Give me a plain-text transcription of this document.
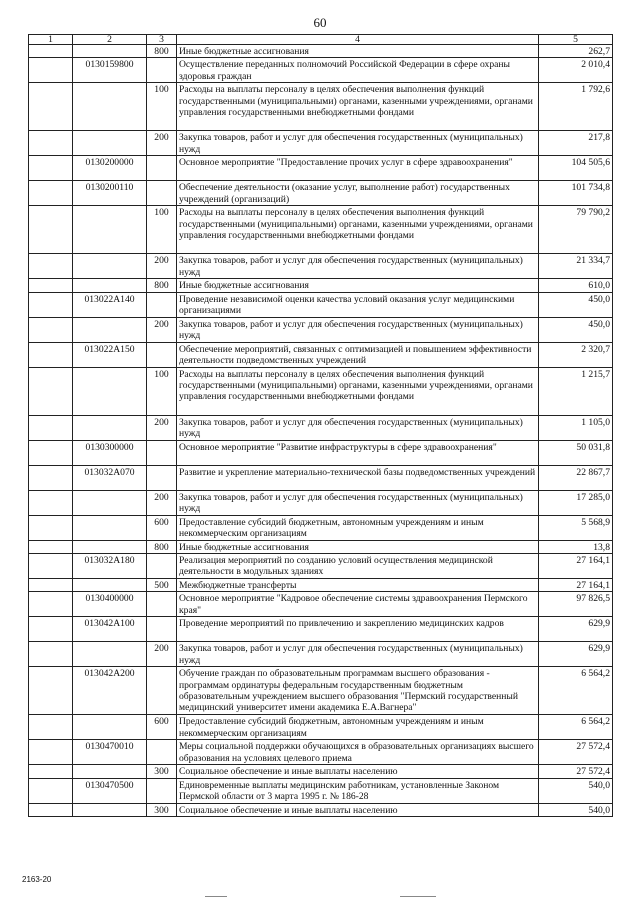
60
1	2	3	4	5
		800	Иные бюджетные ассигнования	262,7
	0130159800		Осуществление переданных полномочий Российской Федерации в сфере охраны здоровья граждан	2 010,4
		100	Расходы на выплаты персоналу в целях обеспечения выполнения функций государственными (муниципальными) органами, казенными учреждениями, органами управления государственными внебюджетными фондами	1 792,6
		200	Закупка товаров, работ и услуг для обеспечения государственных (муниципальных) нужд	217,8
	0130200000		Основное мероприятие "Предоставление прочих услуг в сфере здравоохранения"	104 505,6
	0130200110		Обеспечение деятельности (оказание услуг, выполнение работ) государственных учреждений (организаций)	101 734,8
		100	Расходы на выплаты персоналу в целях обеспечения выполнения функций государственными (муниципальными) органами, казенными учреждениями, органами управления государственными внебюджетными фондами	79 790,2
		200	Закупка товаров, работ и услуг для обеспечения государственных (муниципальных) нужд	21 334,7
		800	Иные бюджетные ассигнования	610,0
	013022А140		Проведение независимой оценки качества условий оказания услуг медицинскими организациями	450,0
		200	Закупка товаров, работ и услуг для обеспечения государственных (муниципальных) нужд	450,0
	013022А150		Обеспечение мероприятий, связанных с оптимизацией и повышением эффективности деятельности подведомственных учреждений	2 320,7
		100	Расходы на выплаты персоналу в целях обеспечения выполнения функций государственными (муниципальными) органами, казенными учреждениями, органами управления государственными внебюджетными фондами	1 215,7
		200	Закупка товаров, работ и услуг для обеспечения государственных (муниципальных) нужд	1 105,0
	0130300000		Основное мероприятие "Развитие инфраструктуры в сфере здравоохранения"	50 031,8
	013032А070		Развитие и укрепление материально-технической базы подведомственных учреждений	22 867,7
		200	Закупка товаров, работ и услуг для обеспечения государственных (муниципальных) нужд	17 285,0
		600	Предоставление субсидий бюджетным, автономным учреждениям и иным некоммерческим организациям	5 568,9
		800	Иные бюджетные ассигнования	13,8
	013032А180		Реализация мероприятий по созданию условий осуществления медицинской деятельности в модульных зданиях	27 164,1
		500	Межбюджетные трансферты	27 164,1
	0130400000		Основное мероприятие "Кадровое обеспечение системы здравоохранения Пермского края"	97 826,5
	013042А100		Проведение мероприятий по привлечению и закреплению медицинских кадров	629,9
		200	Закупка товаров, работ и услуг для обеспечения государственных (муниципальных) нужд	629,9
	013042А200		Обучение граждан по образовательным программам высшего образования - программам ординатуры федеральным государственным бюджетным образовательным учреждением высшего образования "Пермский государственный медицинский университет имени академика Е.А.Вагнера"	6 564,2
		600	Предоставление субсидий бюджетным, автономным учреждениям и иным некоммерческим организациям	6 564,2
	0130470010		Меры социальной поддержки обучающихся в образовательных организациях высшего образования на условиях целевого приема	27 572,4
		300	Социальное обеспечение и иные выплаты населению	27 572,4
	0130470500		Единовременные выплаты медицинским работникам, установленные Законом Пермской области от 3 марта 1995 г. № 186-28	540,0
		300	Социальное обеспечение и иные выплаты населению	540,0
2163-20
